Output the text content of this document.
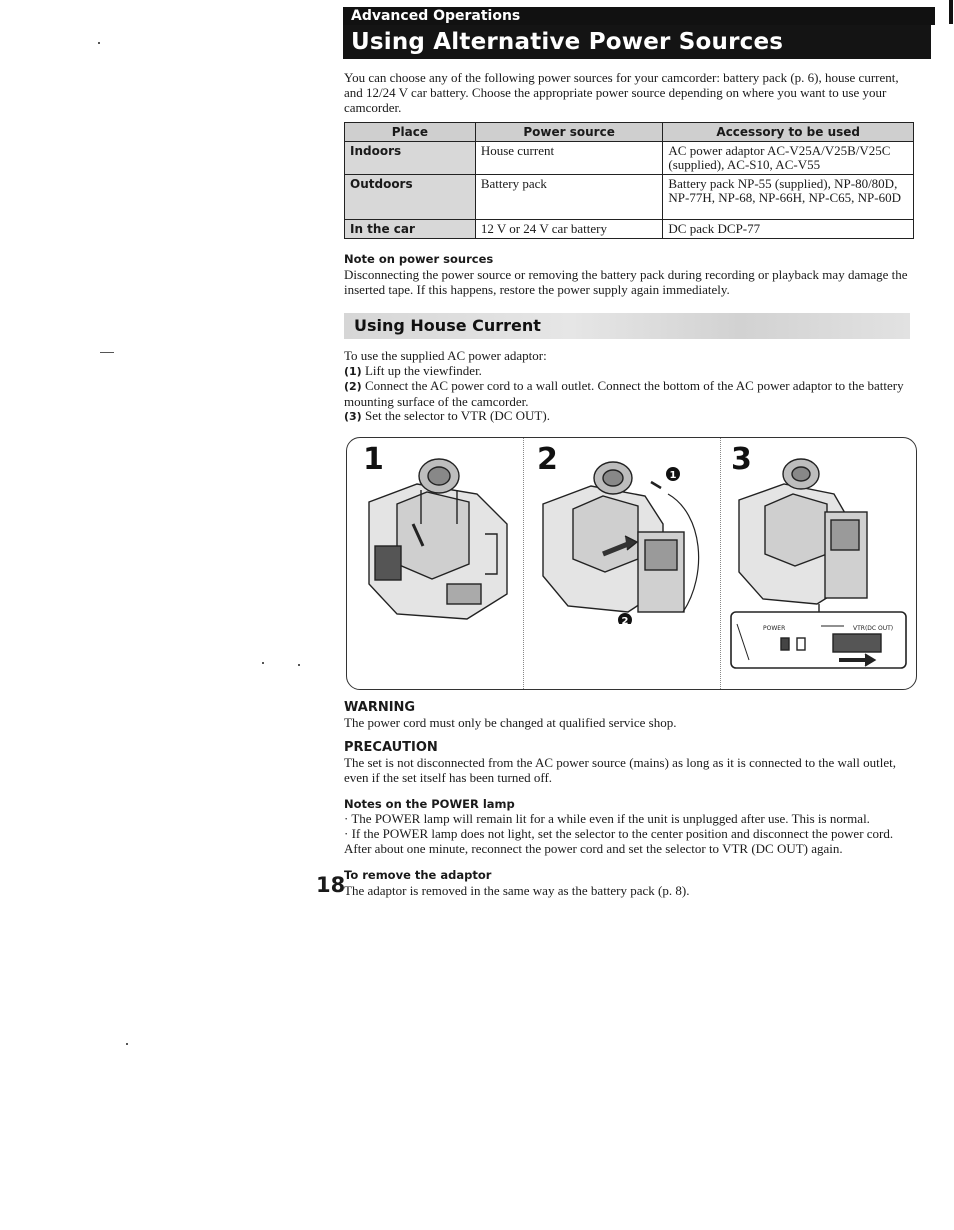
Advanced Operations
Using Alternative Power Sources

You can choose any of the following power sources for your camcorder: battery pack (p. 6), house current, and 12/24 V car battery. Choose the appropriate power source depending on where you want to use your camcorder.

Place	Power source	Accessory to be used
Indoors	House current	AC power adaptor AC-V25A/V25B/V25C (supplied), AC-S10, AC-V55
Outdoors	Battery pack	Battery pack NP-55 (supplied), NP-80/80D, NP-77H, NP-68, NP-66H, NP-C65, NP-60D
In the car	12 V or 24 V car battery	DC pack DCP-77
Note on power sources

Disconnecting the power source or removing the battery pack during recording or playback may damage the inserted tape. If this happens, restore the power supply again immediately.

Using House Current
To use the supplied AC power adaptor:
(1) Lift up the viewfinder.
(2) Connect the AC power cord to a wall outlet. Connect the bottom of the AC power adaptor to the battery mounting surface of the camcorder.
(3) Set the selector to VTR (DC OUT).
1	2	3
1
2
POWER	VTR(DC OUT)
WARNING

The power cord must only be changed at qualified service shop.

PRECAUTION

The set is not disconnected from the AC power source (mains) as long as it is connected to the wall outlet, even if the set itself has been turned off.

Notes on the POWER lamp
· The POWER lamp will remain lit for a while even if the unit is unplugged after use. This is normal.
· If the POWER lamp does not light, set the selector to the center position and disconnect the power cord. After about one minute, reconnect the power cord and set the selector to VTR (DC OUT) again.
To remove the adaptor

The adaptor is removed in the same way as the battery pack (p. 8).

18
